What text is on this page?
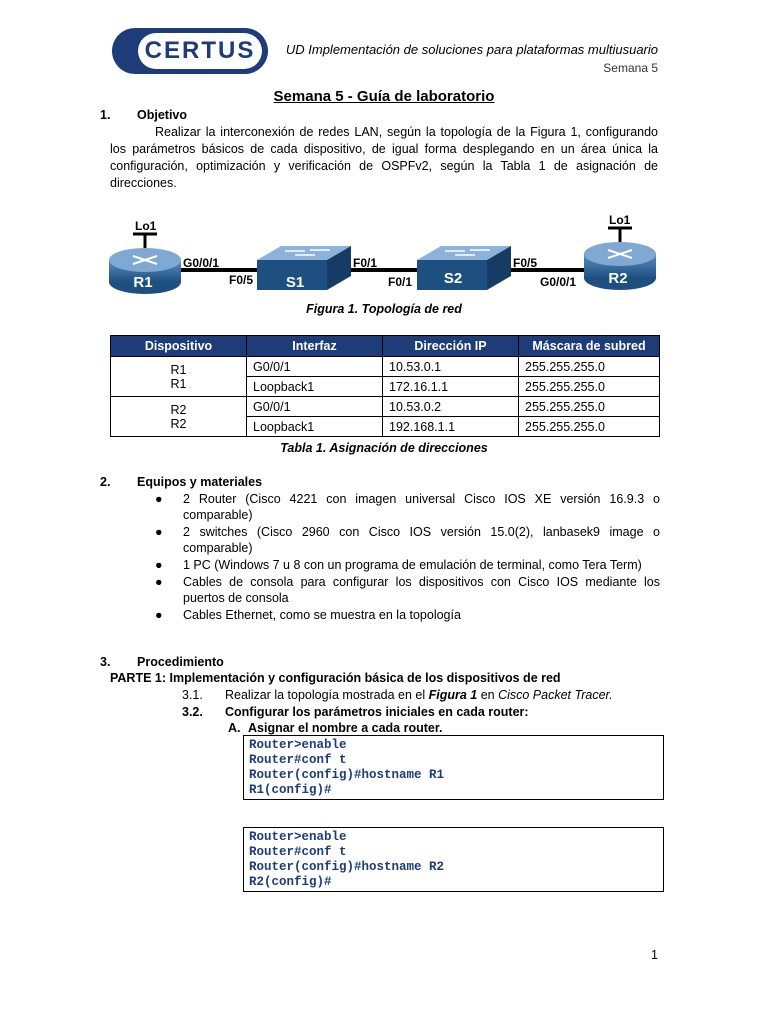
CERTUS	UD Implementación de soluciones para plataformas multiusuario
Semana 5
Semana 5 - Guía de laboratorio
1. Objetivo
Realizar la interconexión de redes LAN, según la topología de la Figura 1, configurando los parámetros básicos de cada dispositivo, de igual forma desplegando en un área única la configuración, optimización y verificación de OSPFv2, según la Tabla 1 de asignación de direcciones.
R1	R2
S1	S2
Lo1	Lo1
G0/0/1
F0/5
F0/1
F0/1
F0/5
G0/0/1
Figura 1. Topología de red
Dispositivo	Interfaz	Dirección IP	Máscara de subred

R1
R1	G0/0/1	10.53.0.1	255.255.255.0
	Loopback1	172.16.1.1	255.255.255.0

R2
R2	G0/0/1	10.53.0.2	255.255.255.0
	Loopback1	192.168.1.1	255.255.255.0
Tabla 1. Asignación de direcciones
2. Equipos y materiales
● 2 Router (Cisco 4221 con imagen universal Cisco IOS XE versión 16.9.3 o comparable)
● 2 switches (Cisco 2960 con Cisco IOS versión 15.0(2), lanbasek9 image o comparable)
● 1 PC (Windows 7 u 8 con un programa de emulación de terminal, como Tera Term)
● Cables de consola para configurar los dispositivos con Cisco IOS mediante los puertos de consola
● Cables Ethernet, como se muestra en la topología
3. Procedimiento
PARTE 1: Implementación y configuración básica de los dispositivos de red
3.1. Realizar la topología mostrada en el Figura 1 en Cisco Packet Tracer.
3.2. Configurar los parámetros iniciales en cada router:
A. Asignar el nombre a cada router.
Router>enable
Router#conf t
Router(config)#hostname R1
R1(config)#
Router>enable
Router#conf t
Router(config)#hostname R2
R2(config)#
1
